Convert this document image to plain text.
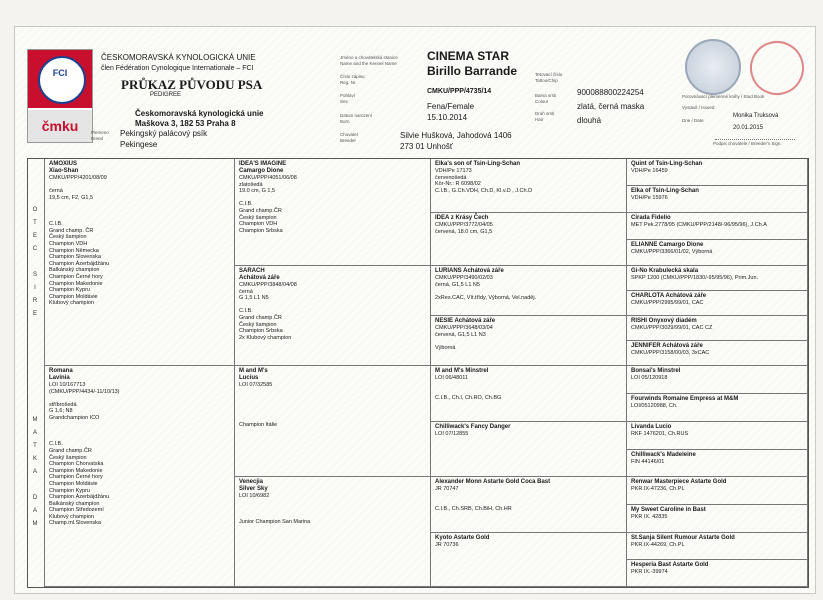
FCI
čmku
ČESKOMORAVSKÁ KYNOLOGICKÁ UNIE
člen Fédération Cynologique Internationale – FCI
PRŮKAZ PŮVODU PSA
PEDIGREE
Českomoravská kynologická unie
Maškova 3, 182 53 Praha 8
Plemeno
Breed
Pekingský palácový psík
Pekingese
Jméno a chovatelská stanice
Name and the Kennel Name
Číslo zápisu
Reg. Nr.
Pohlaví
Sex
Datum narození
Born
Chovatel
Breeder
CINEMA STAR
Birillo Barrande
CMKU/PPP/4735/14
Fena/Female
15.10.2014
Silvie Hušková, Jahodová 1406
273 01 Unhošť
Tetovací číslo
Tattoo/Chip
Barva srsti
Colour
Druh srsti
Hair
900088800224254
zlatá, černá maska
dlouhá
Porovnávací plemenné knihy / Stud Book
Vystavil / Issued
Dne / Date
Monika Truksová
20.01.2015
Podpis chovatele / Breeder's Sign.
O
T
E
C
S
I
R
E
M
A
T
K
A
D
A
M
AMOXIUS
Xiao-Shan
CMKU/PPP/4201/08/09

černá
19,5 cm, F2, G1,5

C.I.B.
Grand champ. ČR
Český šampion
Champion VDH
Champion Německa
Champion Slovenska
Champion Ázerbájdžánu
Balkánský champion
Champion Černé hory
Champion Makedonie
Champion Kypru
Champion Moldávie
Klubový champion
IDEA'S IMAGINE
Camargo Dione
CMKU/PPP/4051/06/08
zlatošedá
19.0 cm, G 1,5

C.I.B.
Grand champ.ČR
Český šampion
Champion VDH
Champion Srbska
SARACH
Achátová záře
CMKU/PPP/3848/04/08
černá
G 1,5 L1 N5

C.I.B.
Grand champ.ČR
Český šampion
Champion Srbska
2x Klubový champion
Elka's son of Tsin-Ling-Schan
VDH/Pe 17173
červenošedá
Kör-Nr.: R 6098/02
C.I.B., G.Ch.VDH, Ch.D, Kl.v.D , J.Ch.D
IDEA z Krásy Čech
CMKU/PPP/3772/04/05
červená, 18.0 cm, G1,5
LURIANS Achátová záře
CMKU/PPP/3490/02/03
černá, G1,5 L1 N5

2xRes.CAC, Vít.třídy, Výborná, Vel.naděj.
NESIE Achátová záře
CMKU/PPP/3648/03/04
červená, G1,5 L1 N3

Výborná
Quint of Tsin-Ling-Schan
VDH/Pe 16459
Elka of Tsin-Ling-Schan
VDH/Pe 15976
Cirada Fidelio
MET Pek.2778/95 (CMKU/PPP/2148/-96/95/96), J.Ch.A
ELIANNE Camargo Dione
CMKU/PPP/3366/01/02, Výborná
Gi-No Krabulecká skala
SPKP 1200 (CMKU/PPP/1830/-95/95/96), Prim.Jun.
CHARLOTA Achátová záře
CMKU/PPP/2995/99/01, CAC
RISHI Onyxový diadém
CMKU/PPP/3029/99/01, CAC CZ
JENNIFER Achátová záře
CMKU/PPP/3158/00/03, 3xCAC
Romana
Lavinia
LOI 10/167713
(CMKU/PPP/4434/-11/10/13)

stříbrošedá
G 1,6; N8
Grandchampion ICO

C.I.B.
Grand champ.ČR
Český šampion
Champion Chorvatska
Champion Makedonie
Champion Černé hory
Champion Moldávie
Champion Kypru
Champion Ázerbájdžánu
Balkánský champion
Champion Středozemí
Klubový champion
Champ.ml.Slovenska
M and M's
Lucius
LOI 07/32585

Champion Itálie
Venecjia
Silver Sky
LOI 10/6982

Junior Champion San Marina
M and M's Minstrel
LOI 06/48011

C.I.B., Ch.I, Ch.RO, Ch.BG
Chilliwack's Fancy Danger
LOI 07/12855
Alexander Monn Astarte Gold Coca Bast
JR 70747

C.I.B., Ch.SRB, Ch.BiH, Ch.HR
Kyoto Astarte Gold
JR 70736
Bonsai's Minstrel
LOI 05/120918
Fourwinds Romaine Empress at M&M
LOI/05120988, Ch.
Livanda Lucio
RKF 1476201, Ch.RUS
Chilliwack's Madeleine
FIN 44146/01
Renwar Masterpiece Astarte Gold
PKR.IX-47236, Ch.PL
My Sweet Caroline in Bast
PKR IX. 42835
St.Sanja Silent Rumour Astarte Gold
PKR.IX-44269, Ch.PL
Hesperia Bast Astarte Gold
PKR IX.-39974
